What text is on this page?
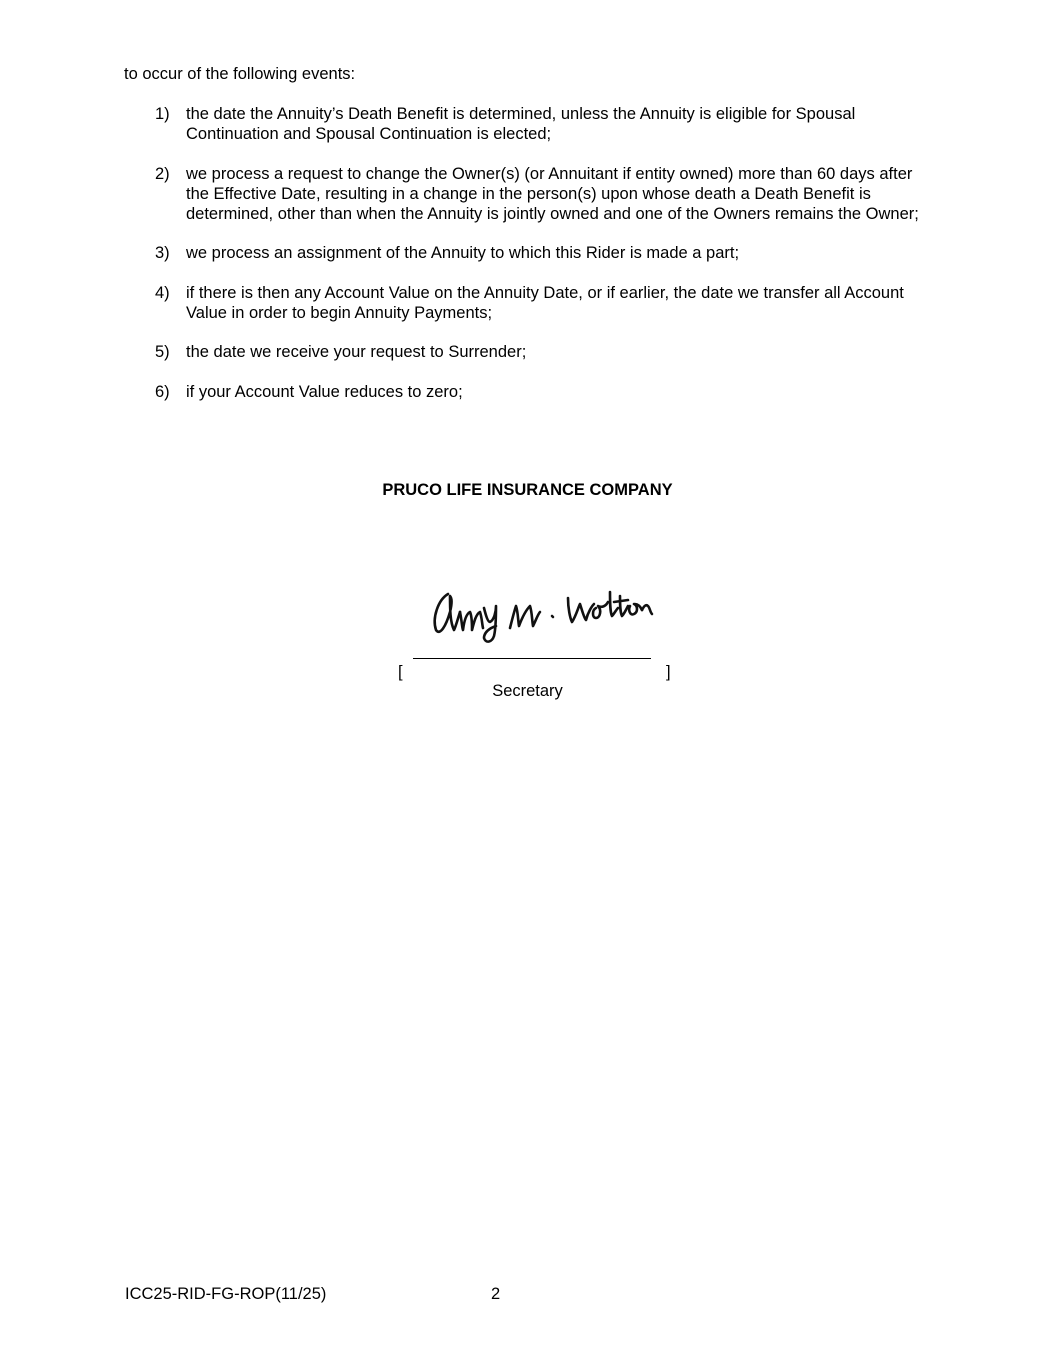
to occur of the following events:

1) the date the Annuity’s Death Benefit is determined, unless the Annuity is eligible for Spousal Continuation and Spousal Continuation is elected;
2) we process a request to change the Owner(s) (or Annuitant if entity owned) more than 60 days after the Effective Date, resulting in a change in the person(s) upon whose death a Death Benefit is determined, other than when the Annuity is jointly owned and one of the Owners remains the Owner;
3) we process an assignment of the Annuity to which this Rider is made a part;
4) if there is then any Account Value on the Annuity Date, or if earlier, the date we transfer all Account Value in order to begin Annuity Payments;
5) the date we receive your request to Surrender;
6) if your Account Value reduces to zero;

PRUCO LIFE INSURANCE COMPANY

[	]
Secretary
ICC25-RID-FG-ROP(11/25)	2
